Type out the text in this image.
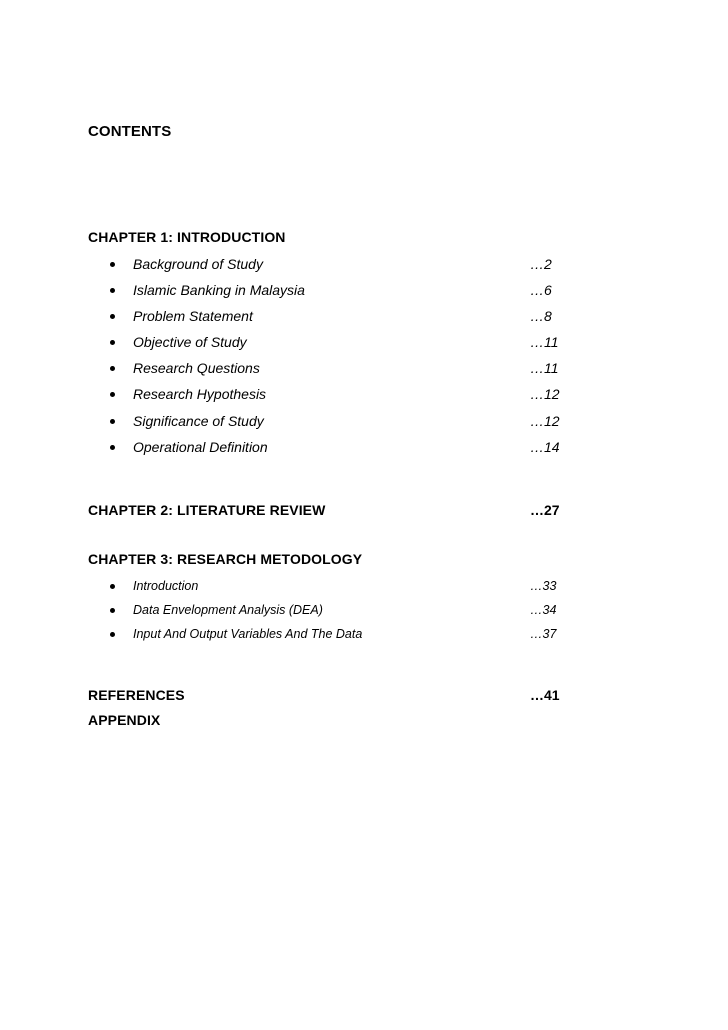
CONTENTS
CHAPTER 1: INTRODUCTION
Background of Study	…2
Islamic Banking in Malaysia	…6
Problem Statement	…8
Objective of Study	…11
Research Questions	…11
Research Hypothesis	…12
Significance of Study	…12
Operational Definition	…14
CHAPTER 2: LITERATURE REVIEW	…27
CHAPTER 3: RESEARCH METODOLOGY
Introduction	…33
Data Envelopment Analysis (DEA)	…34
Input And Output Variables And The Data	…37
REFERENCES	…41
APPENDIX
